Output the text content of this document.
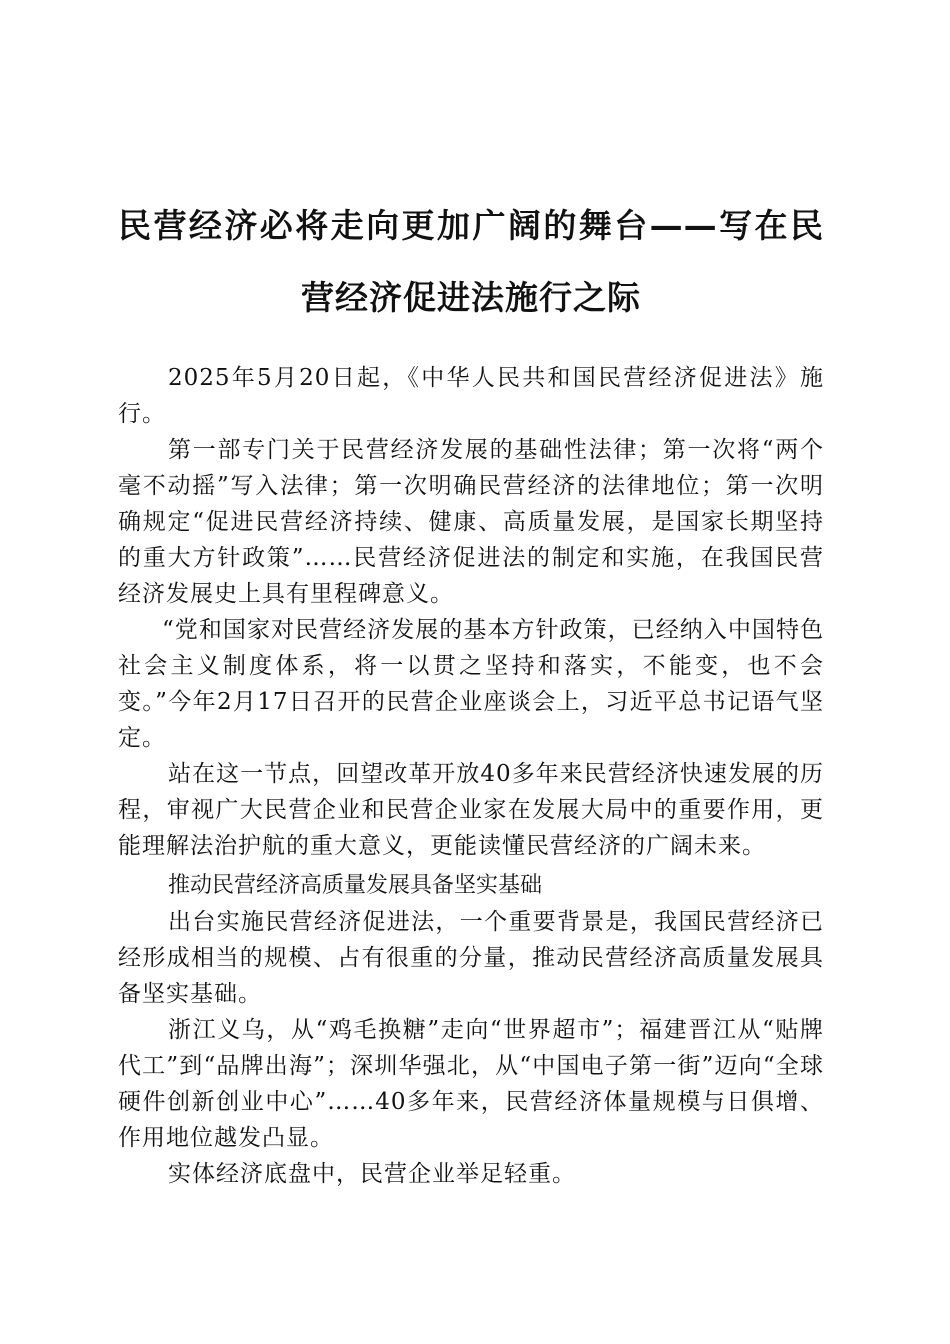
民营经济必将走向更加广阔的舞台——写在民营经济促进法施行之际

2025年5月20日起，《中华人民共和国民营经济促进法》施行。

第一部专门关于民营经济发展的基础性法律；第一次将“两个毫不动摇”写入法律；第一次明确民营经济的法律地位；第一次明确规定“促进民营经济持续、健康、高质量发展，是国家长期坚持的重大方针政策”……民营经济促进法的制定和实施，在我国民营经济发展史上具有里程碑意义。

“党和国家对民营经济发展的基本方针政策，已经纳入中国特色社会主义制度体系，将一以贯之坚持和落实，不能变，也不会变。”今年2月17日召开的民营企业座谈会上，习近平总书记语气坚定。

站在这一节点，回望改革开放40多年来民营经济快速发展的历程，审视广大民营企业和民营企业家在发展大局中的重要作用，更能理解法治护航的重大意义，更能读懂民营经济的广阔未来。

推动民营经济高质量发展具备坚实基础

出台实施民营经济促进法，一个重要背景是，我国民营经济已经形成相当的规模、占有很重的分量，推动民营经济高质量发展具备坚实基础。

浙江义乌，从“鸡毛换糖”走向“世界超市”；福建晋江从“贴牌代工”到“品牌出海”；深圳华强北，从“中国电子第一街”迈向“全球硬件创新创业中心”……40多年来，民营经济体量规模与日俱增、作用地位越发凸显。

实体经济底盘中，民营企业举足轻重。
